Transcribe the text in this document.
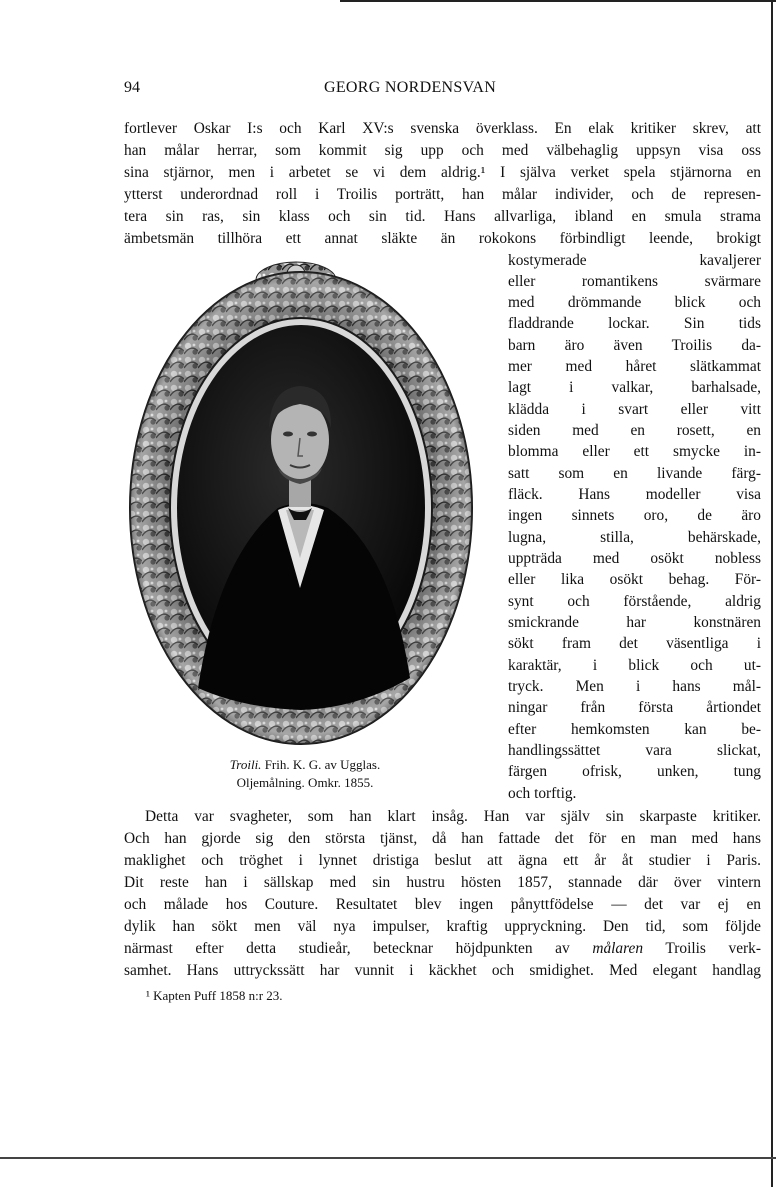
94	GEORG NORDENSVAN
fortlever Oskar I:s och Karl XV:s svenska överklass. En elak kritiker skrev, att
han målar herrar, som kommit sig upp och med välbehaglig uppsyn visa oss
sina stjärnor, men i arbetet se vi dem aldrig.¹ I själva verket spela stjärnorna en
ytterst underordnad roll i Troilis porträtt, han målar individer, och de represen-
tera sin ras, sin klass och sin tid. Hans allvarliga, ibland en smula strama
ämbetsmän tillhöra ett annat släkte än rokokons förbindligt leende, brokigt
kostymerade kavaljerer
eller romantikens svärmare
med drömmande blick och
fladdrande lockar. Sin tids
barn äro även Troilis da-
mer med håret slätkammat
lagt i valkar, barhalsade,
klädda i svart eller vitt
siden med en rosett, en
blomma eller ett smycke in-
satt som en livande färg-
fläck. Hans modeller visa
ingen sinnets oro, de äro
lugna, stilla, behärskade,
uppträda med osökt nobless
eller lika osökt behag. För-
synt och förstående, aldrig
smickrande har konstnären
sökt fram det väsentliga i
karaktär, i blick och ut-
tryck. Men i hans mål-
ningar från första årtiondet
efter hemkomsten kan be-
handlingssättet vara slickat,
färgen ofrisk, unken, tung
och torftig.
Troili. Frih. K. G. av Ugglas.
Oljemålning. Omkr. 1855.
Detta var svagheter, som han klart insåg. Han var själv sin skarpaste kritiker.
Och han gjorde sig den största tjänst, då han fattade det för en man med hans
maklighet och tröghet i lynnet dristiga beslut att ägna ett år åt studier i Paris.
Dit reste han i sällskap med sin hustru hösten 1857, stannade där över vintern
och målade hos Couture. Resultatet blev ingen pånyttfödelse — det var ej en
dylik han sökt men väl nya impulser, kraftig uppryckning. Den tid, som följde
närmast efter detta studieår, betecknar höjdpunkten av målaren Troilis verk-
samhet. Hans uttryckssätt har vunnit i käckhet och smidighet. Med elegant handlag
¹ Kapten Puff 1858 n:r 23.
